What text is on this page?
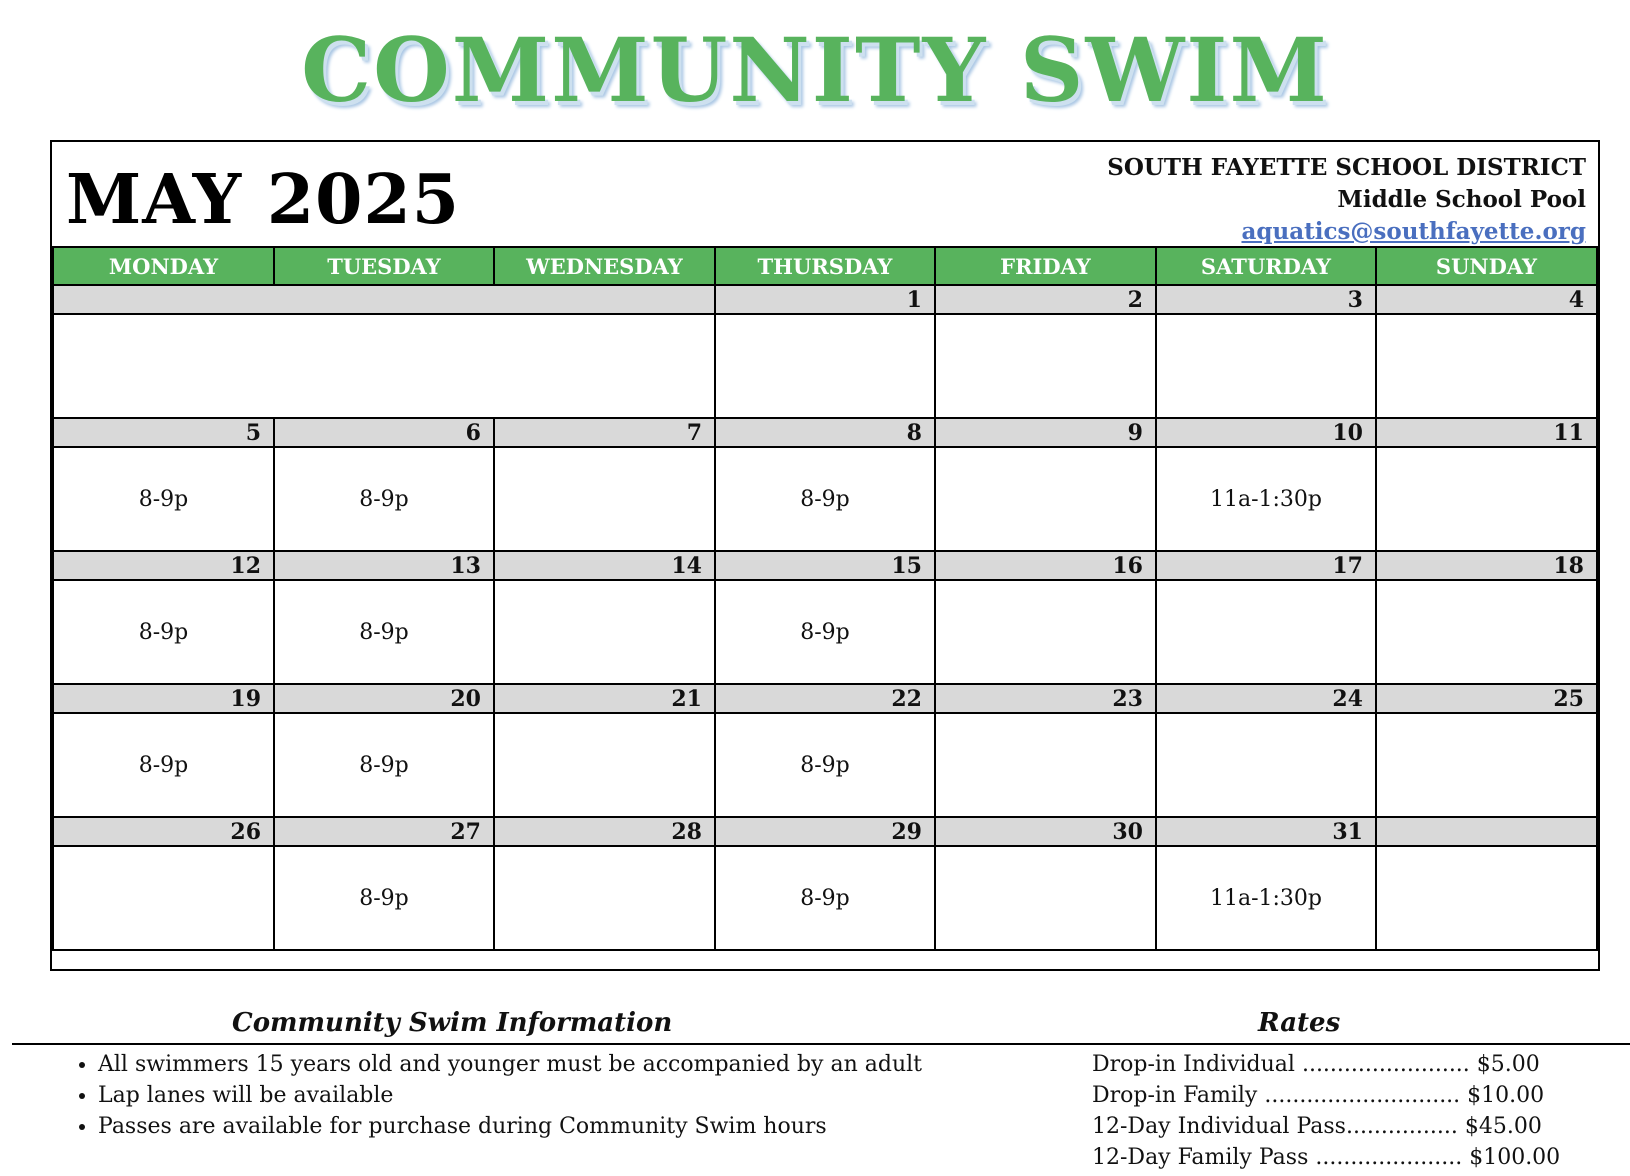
COMMUNITY SWIM
MAY 2025	SOUTH FAYETTE SCHOOL DISTRICT
Middle School Pool
aquatics@southfayette.org
MONDAY	TUESDAY	WEDNESDAY	THURSDAY	FRIDAY	SATURDAY	SUNDAY
			1	2	3	4

5	6	7	8	9	10	11
8-9p	8-9p		8-9p		11a-1:30p	
12	13	14	15	16	17	18
8-9p	8-9p		8-9p			
19	20	21	22	23	24	25
8-9p	8-9p		8-9p			
26	27	28	29	30	31	
	8-9p		8-9p		11a-1:30p	
Community Swim Information	Rates
• All swimmers 15 years old and younger must be accompanied by an adult
• Lap lanes will be available
• Passes are available for purchase during Community Swim hours
Drop-in Individual ........................ $5.00
Drop-in Family ............................ $10.00
12-Day Individual Pass................ $45.00
12-Day Family Pass ..................... $100.00
